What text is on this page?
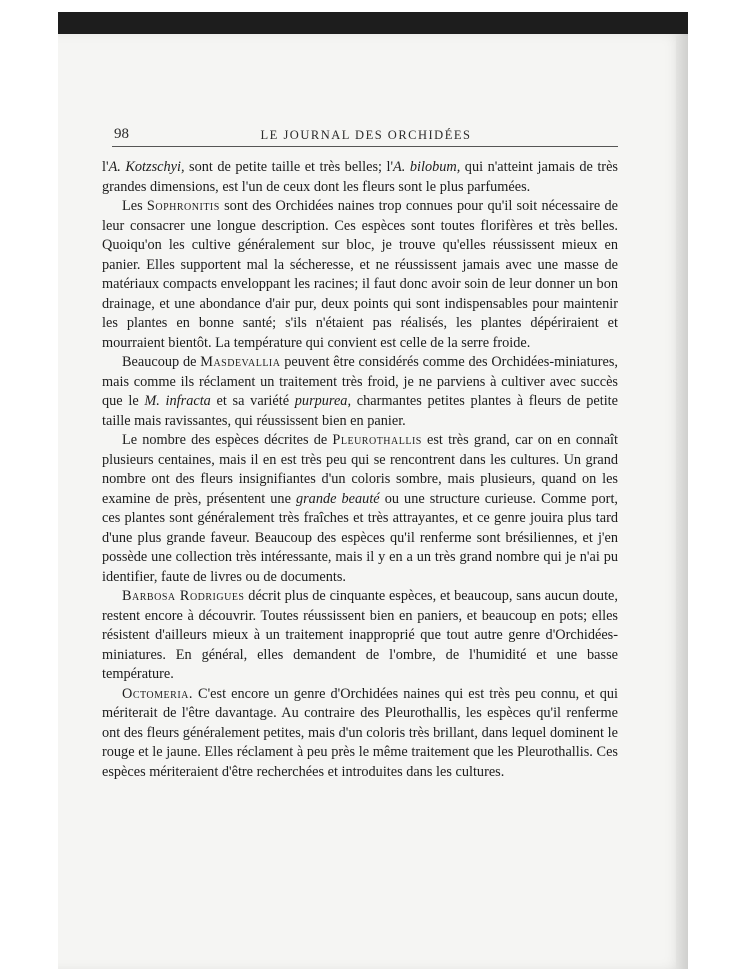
98	LE JOURNAL DES ORCHIDÉES

l'A. Kotzschyi, sont de petite taille et très belles; l'A. bilobum, qui n'atteint jamais de très grandes dimensions, est l'un de ceux dont les fleurs sont le plus parfumées.

Les Sophronitis sont des Orchidées naines trop connues pour qu'il soit nécessaire de leur consacrer une longue description. Ces espèces sont toutes florifères et très belles. Quoiqu'on les cultive généralement sur bloc, je trouve qu'elles réussissent mieux en panier. Elles supportent mal la sécheresse, et ne réussissent jamais avec une masse de matériaux compacts enveloppant les racines; il faut donc avoir soin de leur donner un bon drainage, et une abondance d'air pur, deux points qui sont indispensables pour maintenir les plantes en bonne santé; s'ils n'étaient pas réalisés, les plantes dépériraient et mourraient bientôt. La température qui convient est celle de la serre froide.

Beaucoup de Masdevallia peuvent être considérés comme des Orchidées-miniatures, mais comme ils réclament un traitement très froid, je ne parviens à cultiver avec succès que le M. infracta et sa variété purpurea, charmantes petites plantes à fleurs de petite taille mais ravissantes, qui réussissent bien en panier.

Le nombre des espèces décrites de Pleurothallis est très grand, car on en connaît plusieurs centaines, mais il en est très peu qui se rencontrent dans les cultures. Un grand nombre ont des fleurs insignifiantes d'un coloris sombre, mais plusieurs, quand on les examine de près, présentent une grande beauté ou une structure curieuse. Comme port, ces plantes sont généralement très fraîches et très attrayantes, et ce genre jouira plus tard d'une plus grande faveur. Beaucoup des espèces qu'il renferme sont brésiliennes, et j'en possède une collection très intéressante, mais il y en a un très grand nombre qui je n'ai pu identifier, faute de livres ou de documents.

Barbosa Rodrigues décrit plus de cinquante espèces, et beaucoup, sans aucun doute, restent encore à découvrir. Toutes réussissent bien en paniers, et beaucoup en pots; elles résistent d'ailleurs mieux à un traitement inapproprié que tout autre genre d'Orchidées-miniatures. En général, elles demandent de l'ombre, de l'humidité et une basse température.

Octomeria. C'est encore un genre d'Orchidées naines qui est très peu connu, et qui mériterait de l'être davantage. Au contraire des Pleurothallis, les espèces qu'il renferme ont des fleurs généralement petites, mais d'un coloris très brillant, dans lequel dominent le rouge et le jaune. Elles réclament à peu près le même traitement que les Pleurothallis. Ces espèces mériteraient d'être recherchées et introduites dans les cultures.
